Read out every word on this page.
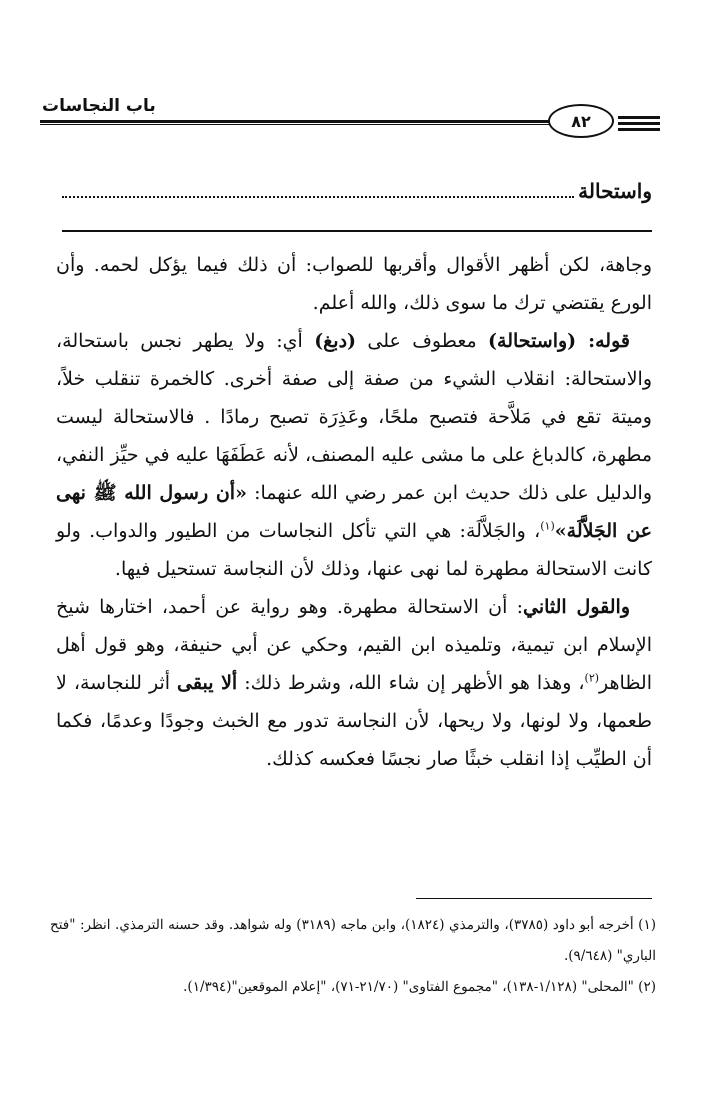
باب النجاسات
٨٢
واستحالة

وجاهة، لكن أظهر الأقوال وأقربها للصواب: أن ذلك فيما يؤكل لحمه. وأن الورع يقتضي ترك ما سوى ذلك، والله أعلم.

قوله: (واستحالة) معطوف على (دبغ) أي: ولا يطهر نجس باستحالة، والاستحالة: انقلاب الشيء من صفة إلى صفة أخرى. كالخمرة تنقلب خلاً، وميتة تقع في مَلاَّحة فتصبح ملحًا، وعَذِرَة تصبح رمادًا . فالاستحالة ليست مطهرة، كالدباغ على ما مشى عليه المصنف، لأنه عَطَفَهَا عليه في حيِّز النفي، والدليل على ذلك حديث ابن عمر رضي الله عنهما: «أن رسول الله ﷺ نهى عن الجَلاَّلَة»$^{(١)}$، والجَلاَّلَة: هي التي تأكل النجاسات من الطيور والدواب. ولو كانت الاستحالة مطهرة لما نهى عنها، وذلك لأن النجاسة تستحيل فيها.

والقول الثاني: أن الاستحالة مطهرة. وهو رواية عن أحمد، اختارها شيخ الإسلام ابن تيمية، وتلميذه ابن القيم، وحكي عن أبي حنيفة، وهو قول أهل الظاهر$^{(٢)}$، وهذا هو الأظهر إن شاء الله، وشرط ذلك: ألا يبقى أثر للنجاسة، لا طعمها، ولا لونها، ولا ريحها، لأن النجاسة تدور مع الخبث وجودًا وعدمًا، فكما أن الطيِّب إذا انقلب خبثًا صار نجسًا فعكسه كذلك.

(١) أخرجه أبو داود (٣٧٨٥)، والترمذي (١٨٢٤)، وابن ماجه (٣١٨٩) وله شواهد. وقد حسنه الترمذي. انظر: "فتح الباري" (٩/٦٤٨).

(٢) "المحلى" (١/١٢٨-١٣٨)، "مجموع الفتاوى" (٢١/٧٠-٧١)، "إعلام الموقعين"(١/٣٩٤).
